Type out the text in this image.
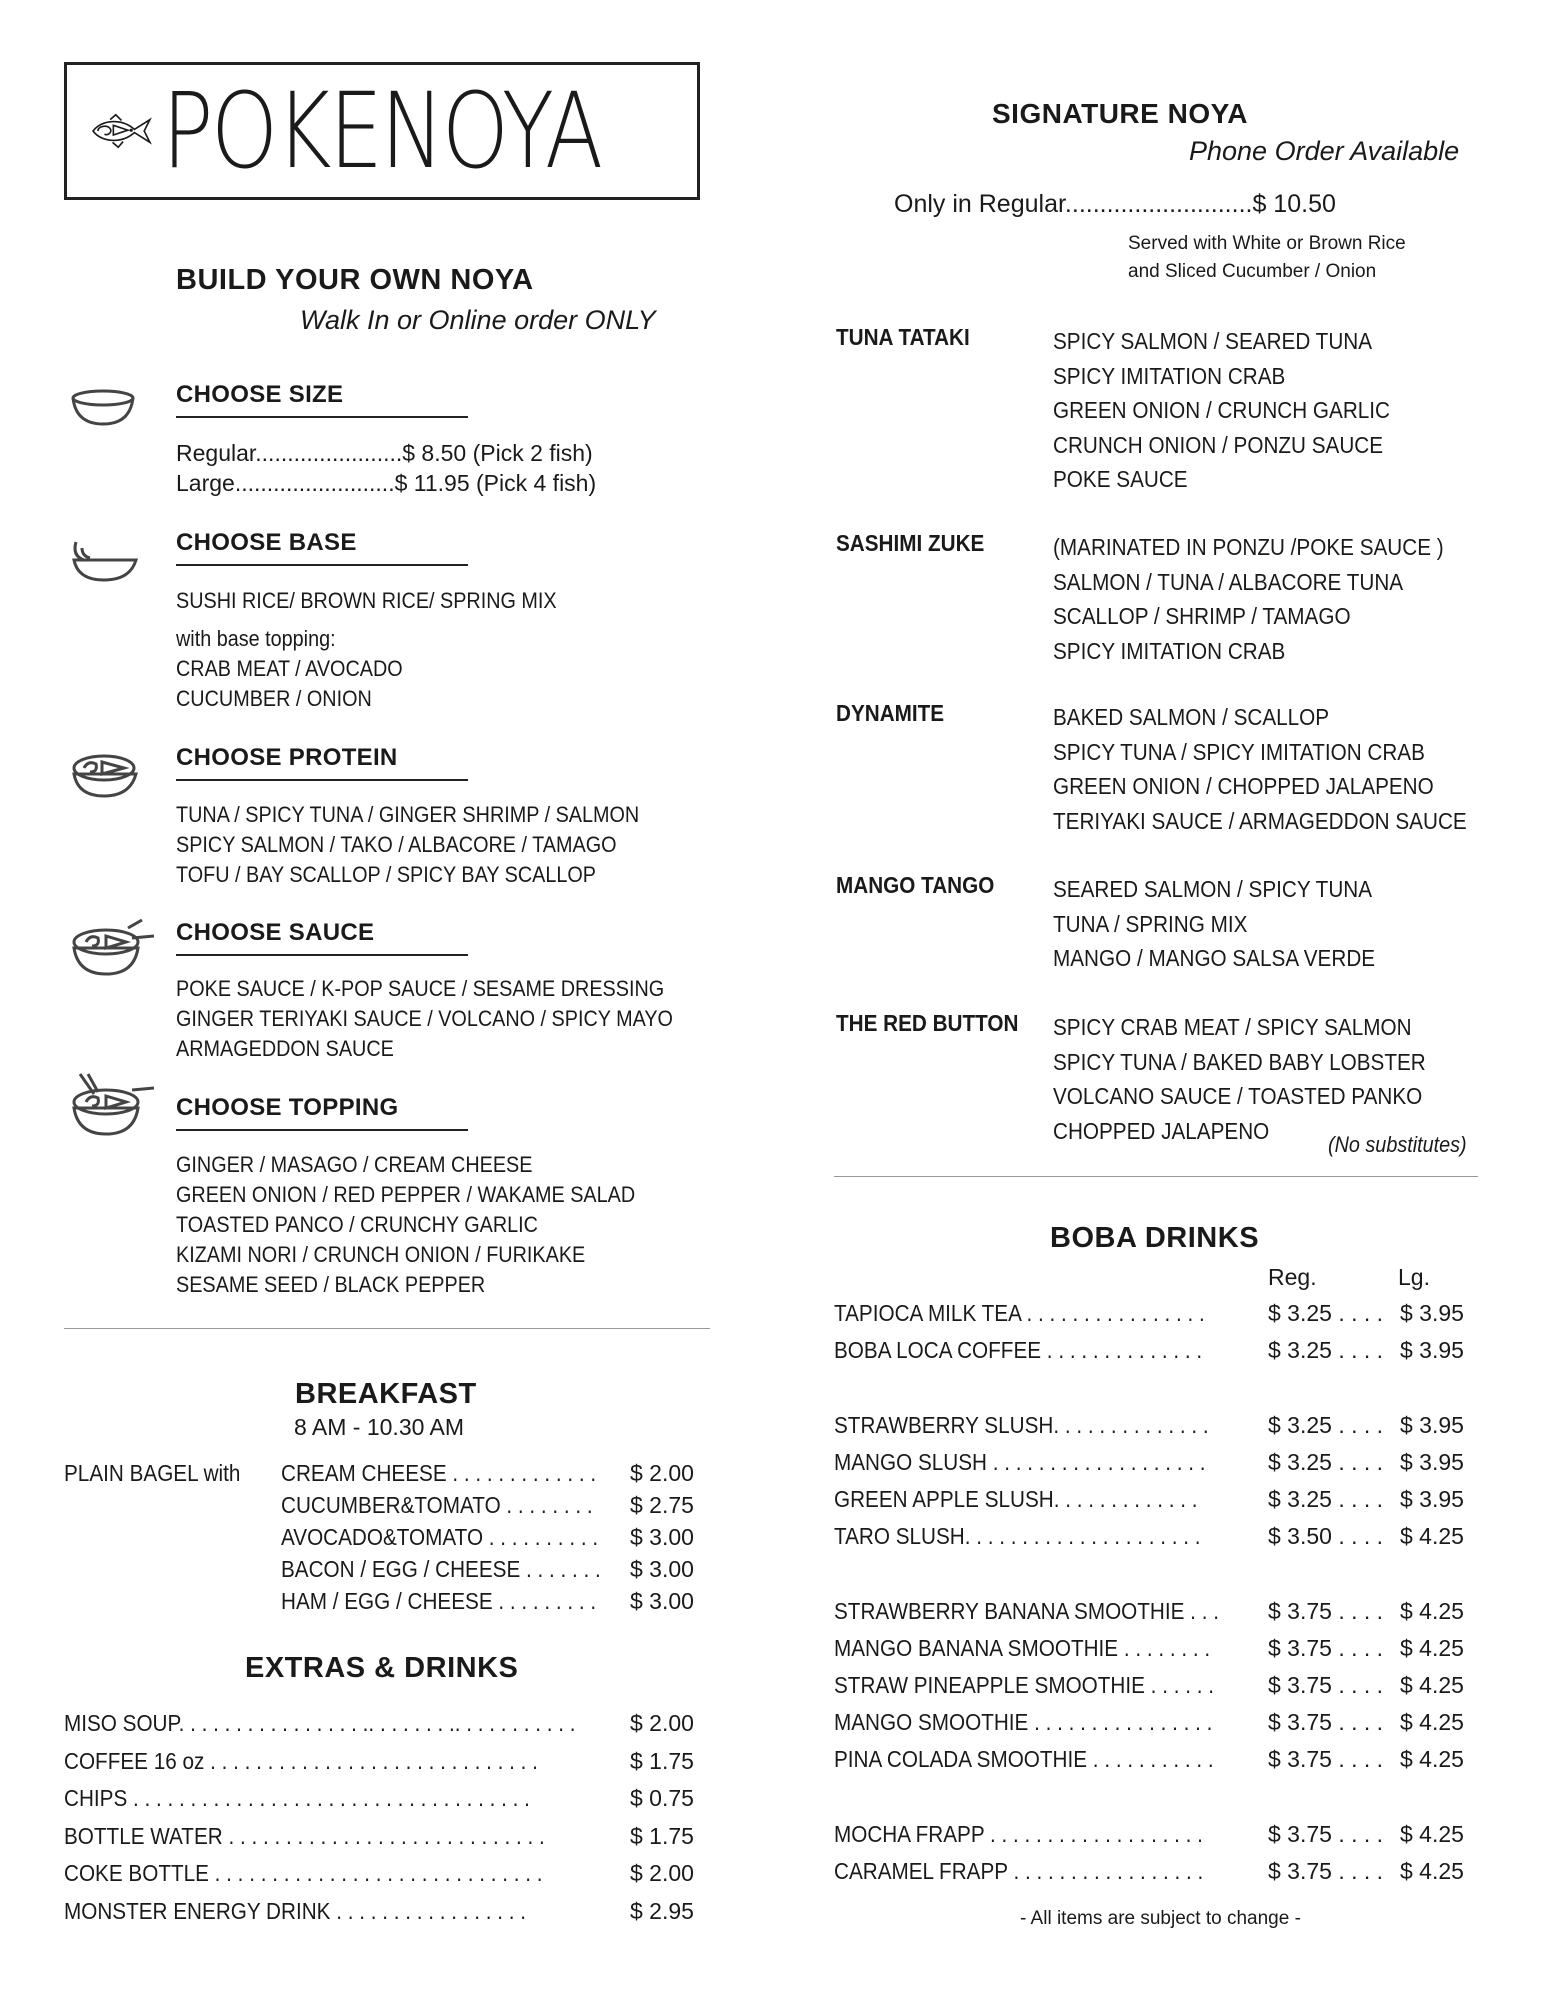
POKENOYA
BUILD YOUR OWN NOYA
Walk In or Online order ONLY
CHOOSE SIZE
Regular.......................$ 8.50 (Pick 2 fish)
Large.........................$ 11.95 (Pick 4 fish)
CHOOSE BASE
SUSHI RICE/ BROWN RICE/ SPRING MIX
with base topping:
CRAB MEAT / AVOCADO
CUCUMBER / ONION
CHOOSE PROTEIN
TUNA / SPICY TUNA / GINGER SHRIMP / SALMON
SPICY SALMON / TAKO / ALBACORE / TAMAGO
TOFU / BAY SCALLOP / SPICY BAY SCALLOP
CHOOSE SAUCE
POKE SAUCE / K-POP SAUCE / SESAME DRESSING
GINGER TERIYAKI SAUCE / VOLCANO / SPICY MAYO
ARMAGEDDON SAUCE
CHOOSE TOPPING
GINGER / MASAGO / CREAM CHEESE
GREEN ONION / RED PEPPER / WAKAME SALAD
TOASTED PANCO / CRUNCHY GARLIC
KIZAMI NORI / CRUNCH ONION / FURIKAKE
SESAME SEED / BLACK PEPPER
BREAKFAST
8 AM - 10.30 AM
PLAIN BAGEL with CREAM CHEESE . . . . . . . . . . . . . $ 2.00
CUCUMBER&TOMATO . . . . . . . . $ 2.75
AVOCADO&TOMATO . . . . . . . . . . $ 3.00
BACON / EGG / CHEESE . . . . . . . $ 3.00
HAM / EGG / CHEESE . . . . . . . . . $ 3.00
EXTRAS & DRINKS
MISO SOUP. . . . . . . . . . . . . . . . .. . . . . . . .. . . . . . . . . . . $ 2.00
COFFEE 16 oz . . . . . . . . . . . . . . . . . . . . . . . . . . . . .	$ 1.75
CHIPS . . . . . . . . . . . . . . . . . . . . . . . . . . . . . . . . . . .	$ 0.75
BOTTLE WATER . . . . . . . . . . . . . . . . . . . . . . . . . . . .	$ 1.75
COKE BOTTLE . . . . . . . . . . . . . . . . . . . . . . . . . . . . .	$ 2.00
MONSTER ENERGY DRINK . . . . . . . . . . . . . . . . .	$ 2.95
SIGNATURE NOYA
Phone Order Available
Only in Regular...........................$ 10.50
Served with White or Brown Rice
and Sliced Cucumber / Onion
TUNA TATAKI	SPICY SALMON / SEARED TUNA
SPICY IMITATION CRAB
GREEN ONION / CRUNCH GARLIC
CRUNCH ONION / PONZU SAUCE
POKE SAUCE
SASHIMI ZUKE	(MARINATED IN PONZU /POKE SAUCE )
SALMON / TUNA / ALBACORE TUNA
SCALLOP / SHRIMP / TAMAGO
SPICY IMITATION CRAB
DYNAMITE	BAKED SALMON / SCALLOP
SPICY TUNA / SPICY IMITATION CRAB
GREEN ONION / CHOPPED JALAPENO
TERIYAKI SAUCE / ARMAGEDDON SAUCE
MANGO TANGO	SEARED SALMON / SPICY TUNA
TUNA / SPRING MIX
MANGO / MANGO SALSA VERDE
THE RED BUTTON SPICY CRAB MEAT / SPICY SALMON
SPICY TUNA / BAKED BABY LOBSTER
VOLCANO SAUCE / TOASTED PANKO
CHOPPED JALAPENO
(No substitutes)
BOBA DRINKS
Reg.	Lg.
TAPIOCA MILK TEA . . . . . . . . . . . . . . . .	$ 3.25 . . . . $ 3.95
BOBA LOCA COFFEE . . . . . . . . . . . . . .	$ 3.25 . . . . $ 3.95
STRAWBERRY SLUSH. . . . . . . . . . . . . .	$ 3.25 . . . . $ 3.95
MANGO SLUSH . . . . . . . . . . . . . . . . . . .	$ 3.25 . . . . $ 3.95
GREEN APPLE SLUSH. . . . . . . . . . . . .	$ 3.25 . . . . $ 3.95
TARO SLUSH. . . . . . . . . . . . . . . . . . . . .	$ 3.50 . . . . $ 4.25
STRAWBERRY BANANA SMOOTHIE . . . $ 3.75 . . . . $ 4.25
MANGO BANANA SMOOTHIE . . . . . . . .	$ 3.75 . . . . $ 4.25
STRAW PINEAPPLE SMOOTHIE . . . . . . $ 3.75 . . . . $ 4.25
MANGO SMOOTHIE . . . . . . . . . . . . . . . . $ 3.75 . . . . $ 4.25
PINA COLADA SMOOTHIE . . . . . . . . . . . $ 3.75 . . . . $ 4.25
MOCHA FRAPP . . . . . . . . . . . . . . . . . . .	$ 3.75 . . . . $ 4.25
CARAMEL FRAPP . . . . . . . . . . . . . . . . .	$ 3.75 . . . . $ 4.25
- All items are subject to change -
